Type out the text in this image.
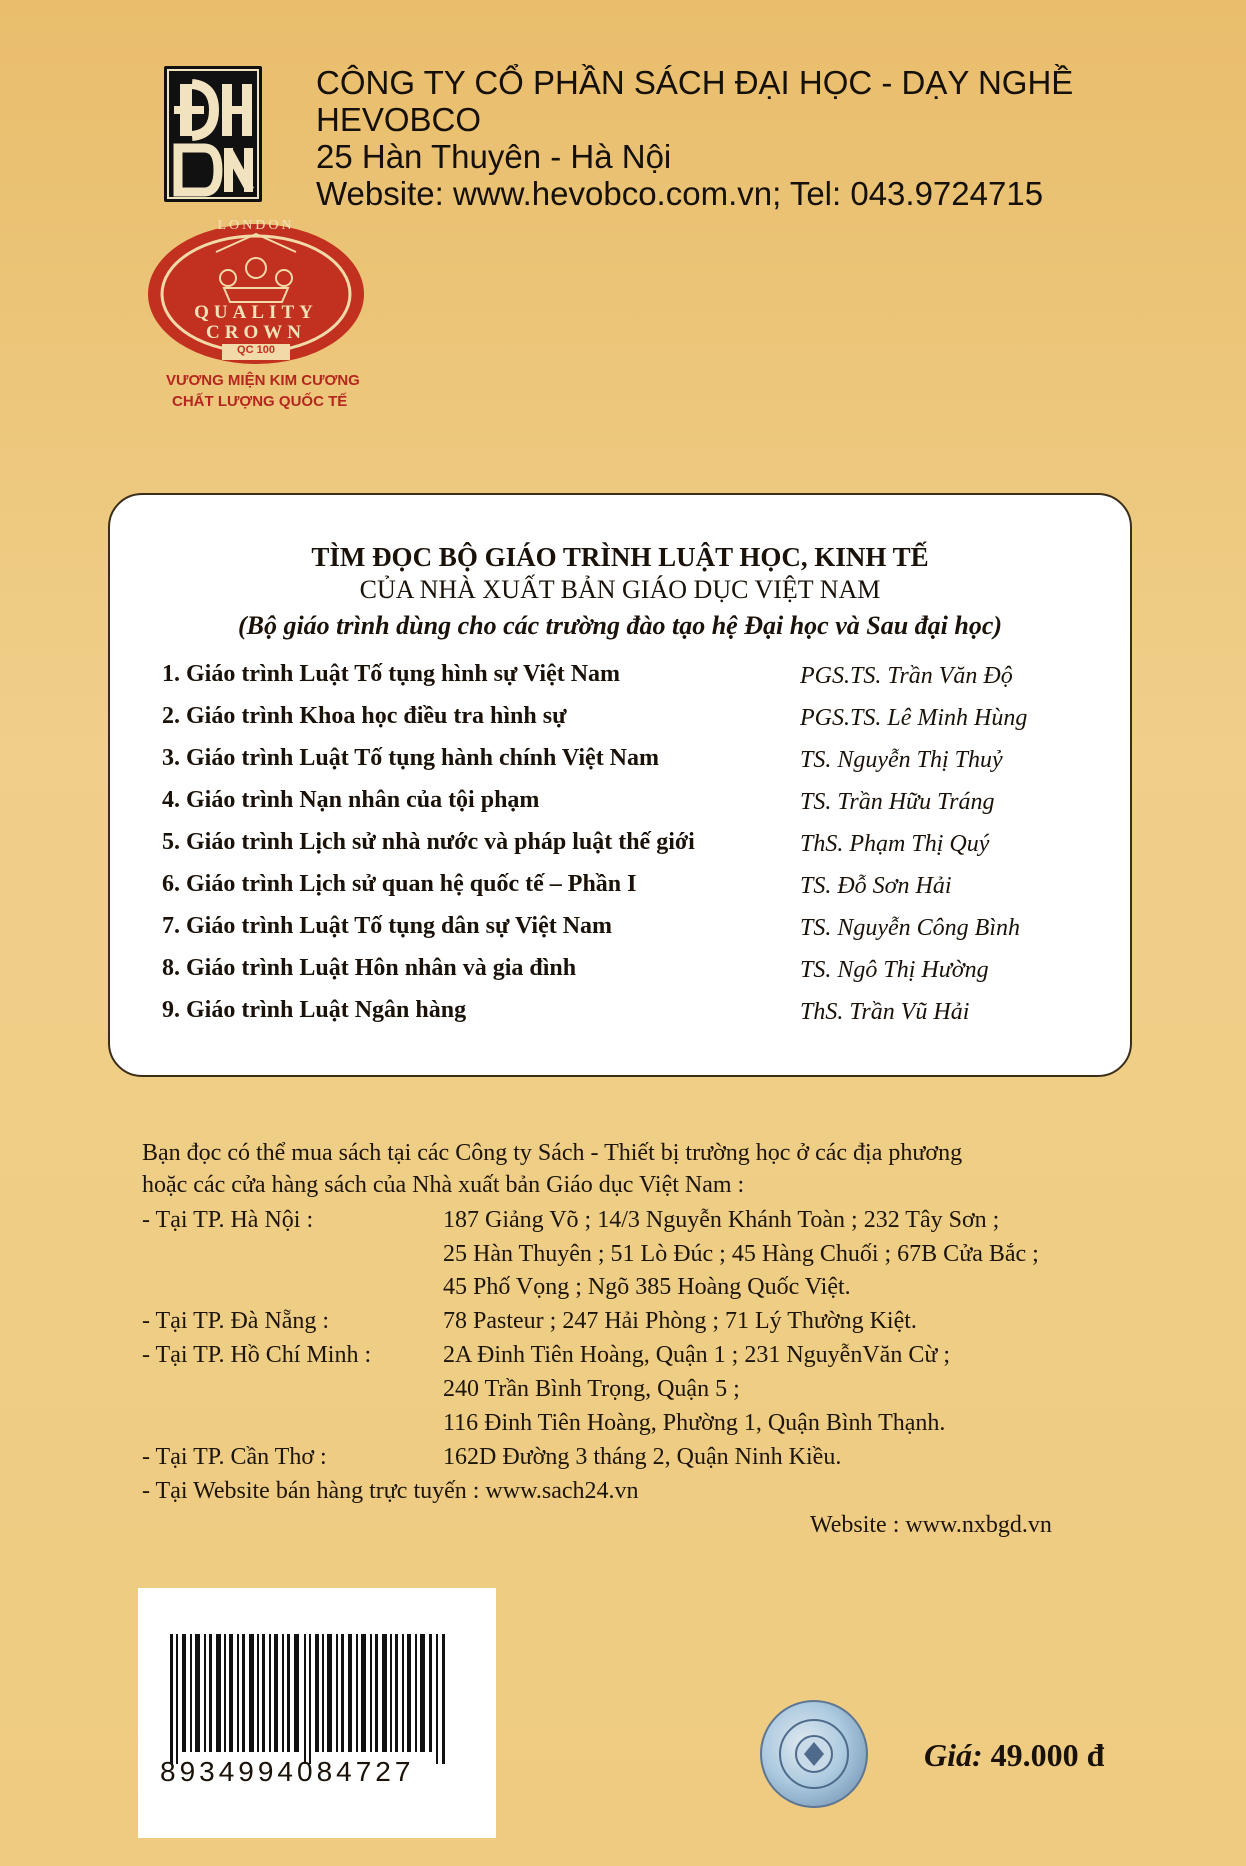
CÔNG TY CỔ PHẦN SÁCH ĐẠI HỌC - DẠY NGHỀ
HEVOBCO
25 Hàn Thuyên - Hà Nội
Website: www.hevobco.com.vn; Tel: 043.9724715
LONDON
QUALITY
CROWN
QC 100
VƯƠNG MIỆN KIM CƯƠNG
CHẤT LƯỢNG QUỐC TẾ
TÌM ĐỌC BỘ GIÁO TRÌNH LUẬT HỌC, KINH TẾ
CỦA NHÀ XUẤT BẢN GIÁO DỤC VIỆT NAM
(Bộ giáo trình dùng cho các trường đào tạo hệ Đại học và Sau đại học)
1. Giáo trình Luật Tố tụng hình sự Việt Nam	PGS.TS. Trần Văn Độ
2. Giáo trình Khoa học điều tra hình sự	PGS.TS. Lê Minh Hùng
3. Giáo trình Luật Tố tụng hành chính Việt Nam	TS. Nguyễn Thị Thuỷ
4. Giáo trình Nạn nhân của tội phạm	TS. Trần Hữu Tráng
5. Giáo trình Lịch sử nhà nước và pháp luật thế giới	ThS. Phạm Thị Quý
6. Giáo trình Lịch sử quan hệ quốc tế – Phần I	TS. Đỗ Sơn Hải
7. Giáo trình Luật Tố tụng dân sự Việt Nam	TS. Nguyễn Công Bình
8. Giáo trình Luật Hôn nhân và gia đình	TS. Ngô Thị Hường
9. Giáo trình Luật Ngân hàng	ThS. Trần Vũ Hải
Bạn đọc có thể mua sách tại các Công ty Sách - Thiết bị trường học ở các địa phương
hoặc các cửa hàng sách của Nhà xuất bản Giáo dục Việt Nam :
- Tại TP. Hà Nội :	187 Giảng Võ ; 14/3 Nguyễn Khánh Toàn ; 232 Tây Sơn ;
25 Hàn Thuyên ; 51 Lò Đúc ; 45 Hàng Chuối ; 67B Cửa Bắc ;
45 Phố Vọng ; Ngõ 385 Hoàng Quốc Việt.
- Tại TP. Đà Nẵng :	78 Pasteur ; 247 Hải Phòng ; 71 Lý Thường Kiệt.
- Tại TP. Hồ Chí Minh :	2A Đinh Tiên Hoàng, Quận 1 ; 231 NguyễnVăn Cừ ;
240 Trần Bình Trọng, Quận 5 ;
116 Đinh Tiên Hoàng, Phường 1, Quận Bình Thạnh.
- Tại TP. Cần Thơ :	162D Đường 3 tháng 2, Quận Ninh Kiều.
- Tại Website bán hàng trực tuyến : www.sach24.vn
Website : www.nxbgd.vn
8934994084727	Giá: 49.000 đ
